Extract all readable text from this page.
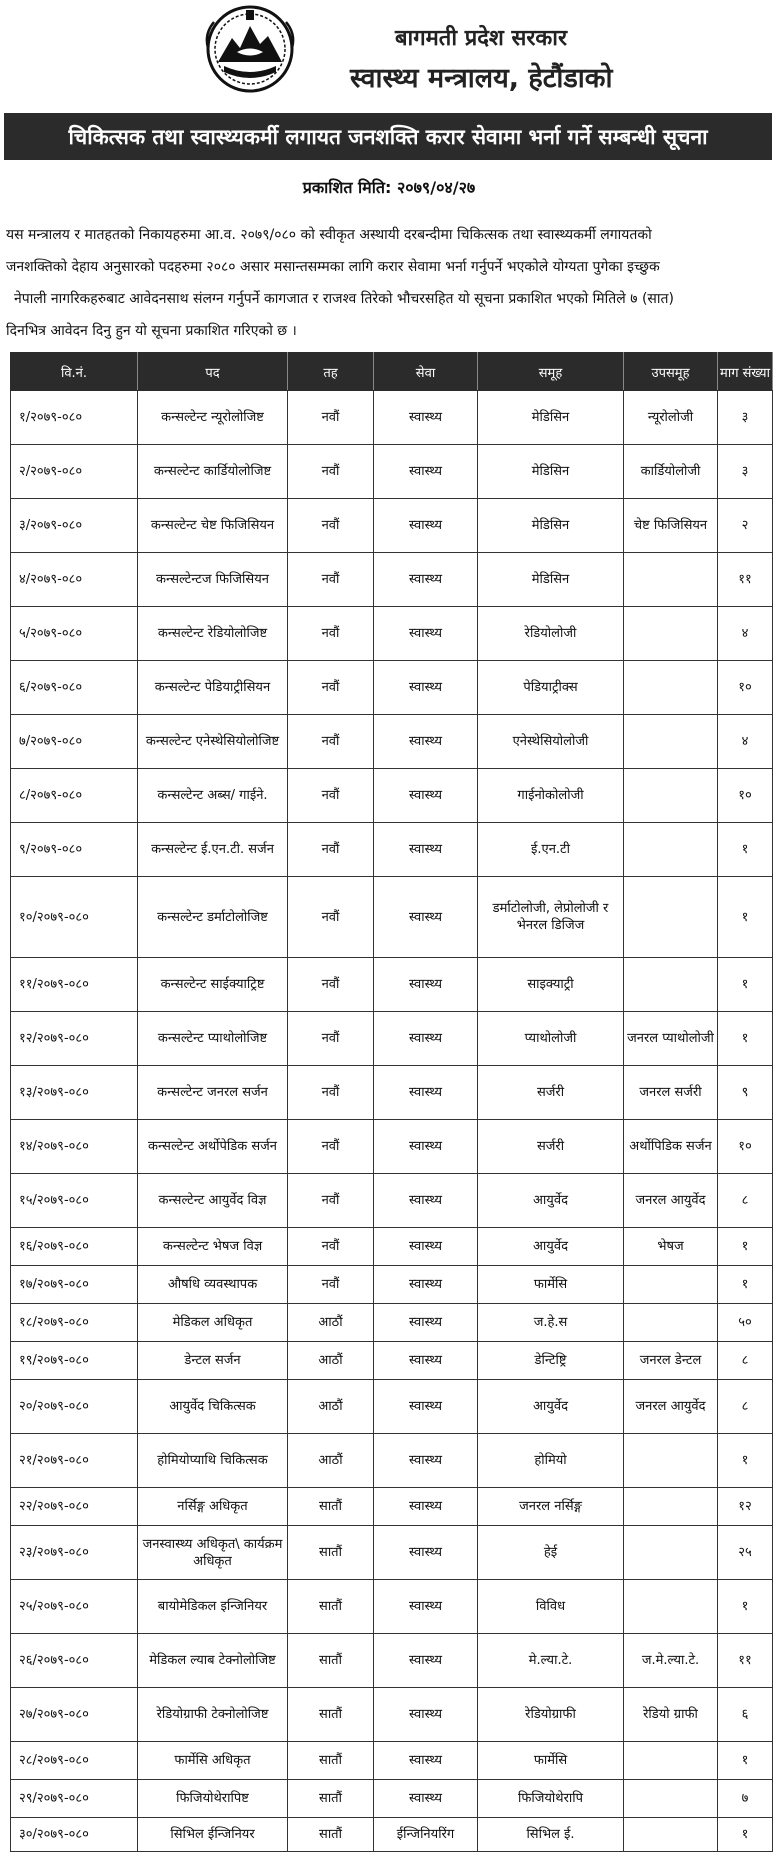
बागमती प्रदेश सरकार
स्वास्थ्य मन्त्रालय, हेटौंडाको
चिकित्सक तथा स्वास्थ्यकर्मी लगायत जनशक्ति करार सेवामा भर्ना गर्ने सम्बन्धी सूचना
प्रकाशित मिति: २०७९/०४/२७
यस मन्त्रालय र मातहतको निकायहरुमा आ.व. २०७९/०८० को स्वीकृत अस्थायी दरबन्दीमा चिकित्सक तथा स्वास्थ्यकर्मी लगायतको
जनशक्तिको देहाय अनुसारको पदहरुमा २०८० असार मसान्तसम्मका लागि करार सेवामा भर्ना गर्नुपर्ने भएकोले योग्यता पुगेका इच्छुक
नेपाली नागरिकहरुबाट आवेदनसाथ संलग्न गर्नुपर्ने कागजात र राजश्व तिरेको भौचरसहित यो सूचना प्रकाशित भएको मितिले ७ (सात)
दिनभित्र आवेदन दिनु हुन यो सूचना प्रकाशित गरिएको छ ।
वि.नं.	पद	तह	सेवा	समूह	उपसमूह	माग संख्या
१/२०७९-०८०	कन्सल्टेन्ट न्यूरोलोजिष्ट	नवौं	स्वास्थ्य	मेडिसिन	न्यूरोलोजी	३
२/२०७९-०८०	कन्सल्टेन्ट कार्डियोलोजिष्ट	नवौं	स्वास्थ्य	मेडिसिन	कार्डियोलोजी	३
३/२०७९-०८०	कन्सल्टेन्ट चेष्ट फिजिसियन	नवौं	स्वास्थ्य	मेडिसिन	चेष्ट फिजिसियन	२
४/२०७९-०८०	कन्सल्टेन्टज फिजिसियन	नवौं	स्वास्थ्य	मेडिसिन		११
५/२०७९-०८०	कन्सल्टेन्ट रेडियोलोजिष्ट	नवौं	स्वास्थ्य	रेडियोलोजी		४
६/२०७९-०८०	कन्सल्टेन्ट पेडियाट्रीसियन	नवौं	स्वास्थ्य	पेडियाट्रीक्स		१०
७/२०७९-०८०	कन्सल्टेन्ट एनेस्थेसियोलोजिष्ट	नवौं	स्वास्थ्य	एनेस्थेसियोलोजी		४
८/२०७९-०८०	कन्सल्टेन्ट अब्स/ गाईने.	नवौं	स्वास्थ्य	गाईनोकोलोजी		१०
९/२०७९-०८०	कन्सल्टेन्ट ई.एन.टी. सर्जन	नवौं	स्वास्थ्य	ई.एन.टी		१
१०/२०७९-०८०	कन्सल्टेन्ट डर्माटोलोजिष्ट	नवौं	स्वास्थ्य	डर्माटोलोजी, लेप्रोलोजी र भेनरल डिजिज		१
११/२०७९-०८०	कन्सल्टेन्ट साईक्याट्रिष्ट	नवौं	स्वास्थ्य	साइक्याट्री		१
१२/२०७९-०८०	कन्सल्टेन्ट प्याथोलोजिष्ट	नवौं	स्वास्थ्य	प्याथोलोजी	जनरल प्याथोलोजी	१
१३/२०७९-०८०	कन्सल्टेन्ट जनरल सर्जन	नवौं	स्वास्थ्य	सर्जरी	जनरल सर्जरी	९
१४/२०७९-०८०	कन्सल्टेन्ट अर्थोपेडिक सर्जन	नवौं	स्वास्थ्य	सर्जरी	अर्थोपिडिक सर्जन	१०
१५/२०७९-०८०	कन्सल्टेन्ट आयुर्वेद विज्ञ	नवौं	स्वास्थ्य	आयुर्वेद	जनरल आयुर्वेद	८
१६/२०७९-०८०	कन्सल्टेन्ट भेषज विज्ञ	नवौं	स्वास्थ्य	आयुर्वेद	भेषज	१
१७/२०७९-०८०	औषधि व्यवस्थापक	नवौं	स्वास्थ्य	फार्मेसि		१
१८/२०७९-०८०	मेडिकल अधिकृत	आठौं	स्वास्थ्य	ज.हे.स		५०
१९/२०७९-०८०	डेन्टल सर्जन	आठौं	स्वास्थ्य	डेन्टिष्ट्रि	जनरल डेन्टल	८
२०/२०७९-०८०	आयुर्वेद चिकित्सक	आठौं	स्वास्थ्य	आयुर्वेद	जनरल आयुर्वेद	८
२१/२०७९-०८०	होमियोप्याथि चिकित्सक	आठौं	स्वास्थ्य	होमियो		१
२२/२०७९-०८०	नर्सिङ्ग अधिकृत	सातौं	स्वास्थ्य	जनरल नर्सिङ्ग		१२
२३/२०७९-०८०	जनस्वास्थ्य अधिकृत\ कार्यक्रम अधिकृत	सातौं	स्वास्थ्य	हेई		२५
२५/२०७९-०८०	बायोमेडिकल इन्जिनियर	सातौं	स्वास्थ्य	विविध		१
२६/२०७९-०८०	मेडिकल ल्याब टेक्नोलोजिष्ट	सातौं	स्वास्थ्य	मे.ल्या.टे.	ज.मे.ल्या.टे.	११
२७/२०७९-०८०	रेडियोग्राफी टेक्नोलोजिष्ट	सातौं	स्वास्थ्य	रेडियोग्राफी	रेडियो ग्राफी	६
२८/२०७९-०८०	फार्मेसि अधिकृत	सातौं	स्वास्थ्य	फार्मेसि		१
२९/२०७९-०८०	फिजियोथेरापिष्ट	सातौं	स्वास्थ्य	फिजियोथेरापि		७
३०/२०७९-०८०	सिभिल ईन्जिनियर	सातौं	ईन्जिनियरिंग	सिभिल ई.		१
